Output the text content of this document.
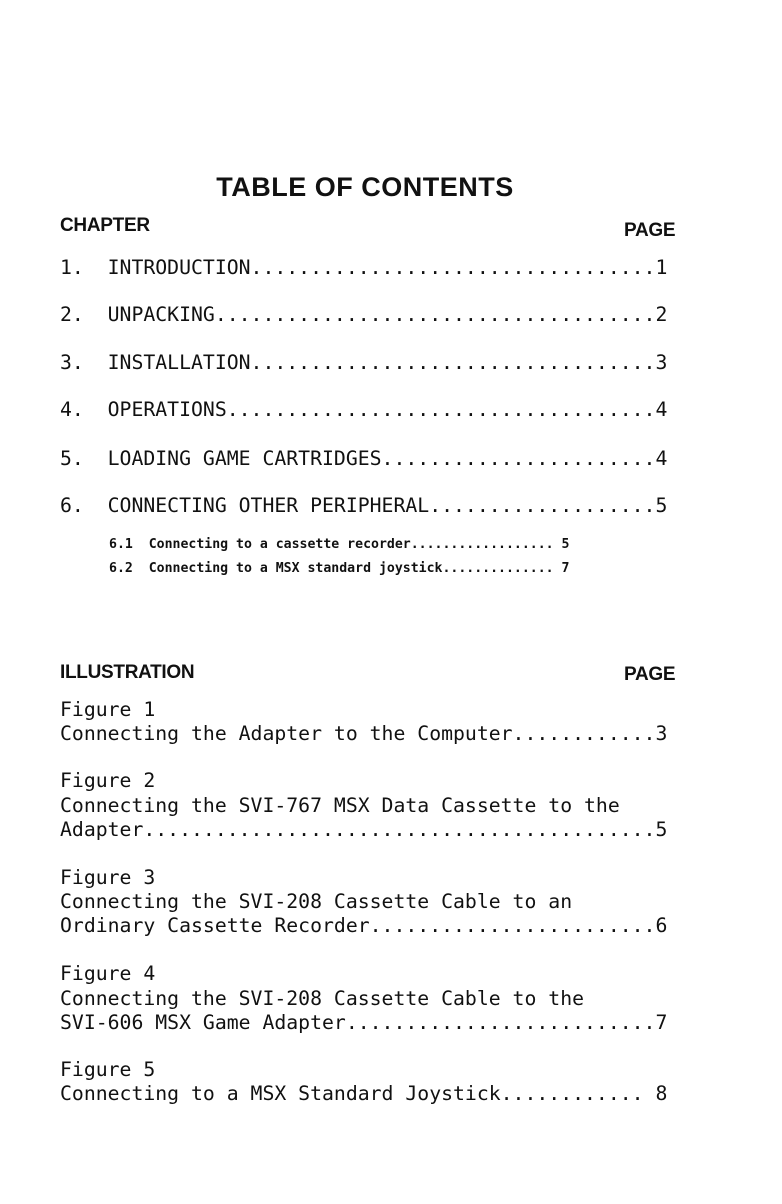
TABLE OF CONTENTS
CHAPTER	PAGE
1.  INTRODUCTION..................................1
2.  UNPACKING.....................................2
3.  INSTALLATION..................................3
4.  OPERATIONS....................................4
5.  LOADING GAME CARTRIDGES.......................4
6.  CONNECTING OTHER PERIPHERAL...................5
6.1  Connecting to a cassette recorder.................. 5
6.2  Connecting to a MSX standard joystick.............. 7
ILLUSTRATION	PAGE
Figure 1
Connecting the Adapter to the Computer............3
Figure 2
Connecting the SVI-767 MSX Data Cassette to the
Adapter...........................................5
Figure 3
Connecting the SVI-208 Cassette Cable to an
Ordinary Cassette Recorder........................6
Figure 4
Connecting the SVI-208 Cassette Cable to the
SVI-606 MSX Game Adapter..........................7
Figure 5
Connecting to a MSX Standard Joystick............ 8
